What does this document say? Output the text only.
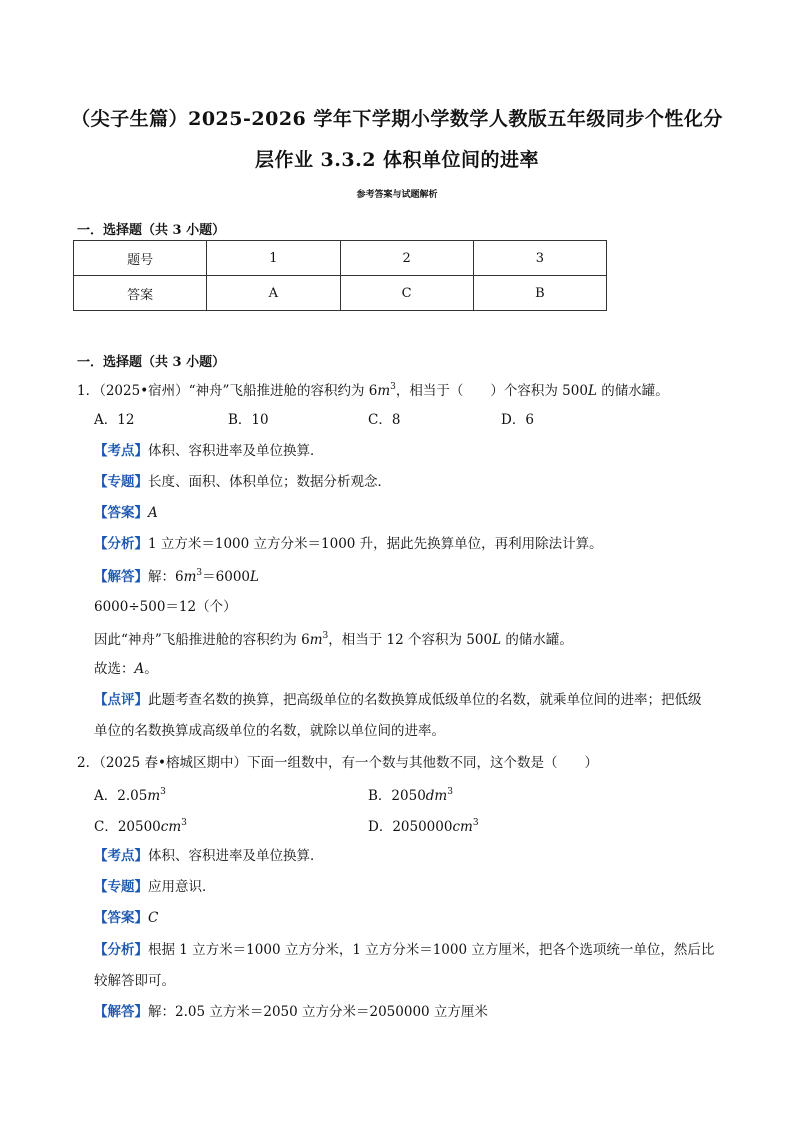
（尖子生篇）2025-2026 学年下学期小学数学人教版五年级同步个性化分
层作业 3.3.2 体积单位间的进率
参考答案与试题解析
一．选择题（共 3 小题）
题号	1	2	3
答案	A	C	B
一．选择题（共 3 小题）
1．（2025•宿州）“神舟”飞船推进舱的容积约为 $6m^3$，相当于（　　）个容积为 500L 的储水罐。
A．12	B．10	C．8	D．6
【考点】体积、容积进率及单位换算．
【专题】长度、面积、体积单位；数据分析观念．
【答案】A
【分析】1 立方米＝1000 立方分米＝1000 升，据此先换算单位，再利用除法计算。
【解答】解：$6m^3=6000L$
6000÷500＝12（个）
因此“神舟”飞船推进舱的容积约为 $6m^3$，相当于 12 个容积为 500L 的储水罐。
故选：A。
【点评】此题考查名数的换算，把高级单位的名数换算成低级单位的名数，就乘单位间的进率；把低级
单位的名数换算成高级单位的名数，就除以单位间的进率。
2．（2025 春•榕城区期中）下面一组数中，有一个数与其他数不同，这个数是（　　）
A．$2.05m^3$	B．$2050dm^3$
C．$20500cm^3$	D．$2050000cm^3$
【考点】体积、容积进率及单位换算．
【专题】应用意识．
【答案】C
【分析】根据 1 立方米＝1000 立方分米，1 立方分米＝1000 立方厘米，把各个选项统一单位，然后比
较解答即可。
【解答】解：2.05 立方米＝2050 立方分米＝2050000 立方厘米
